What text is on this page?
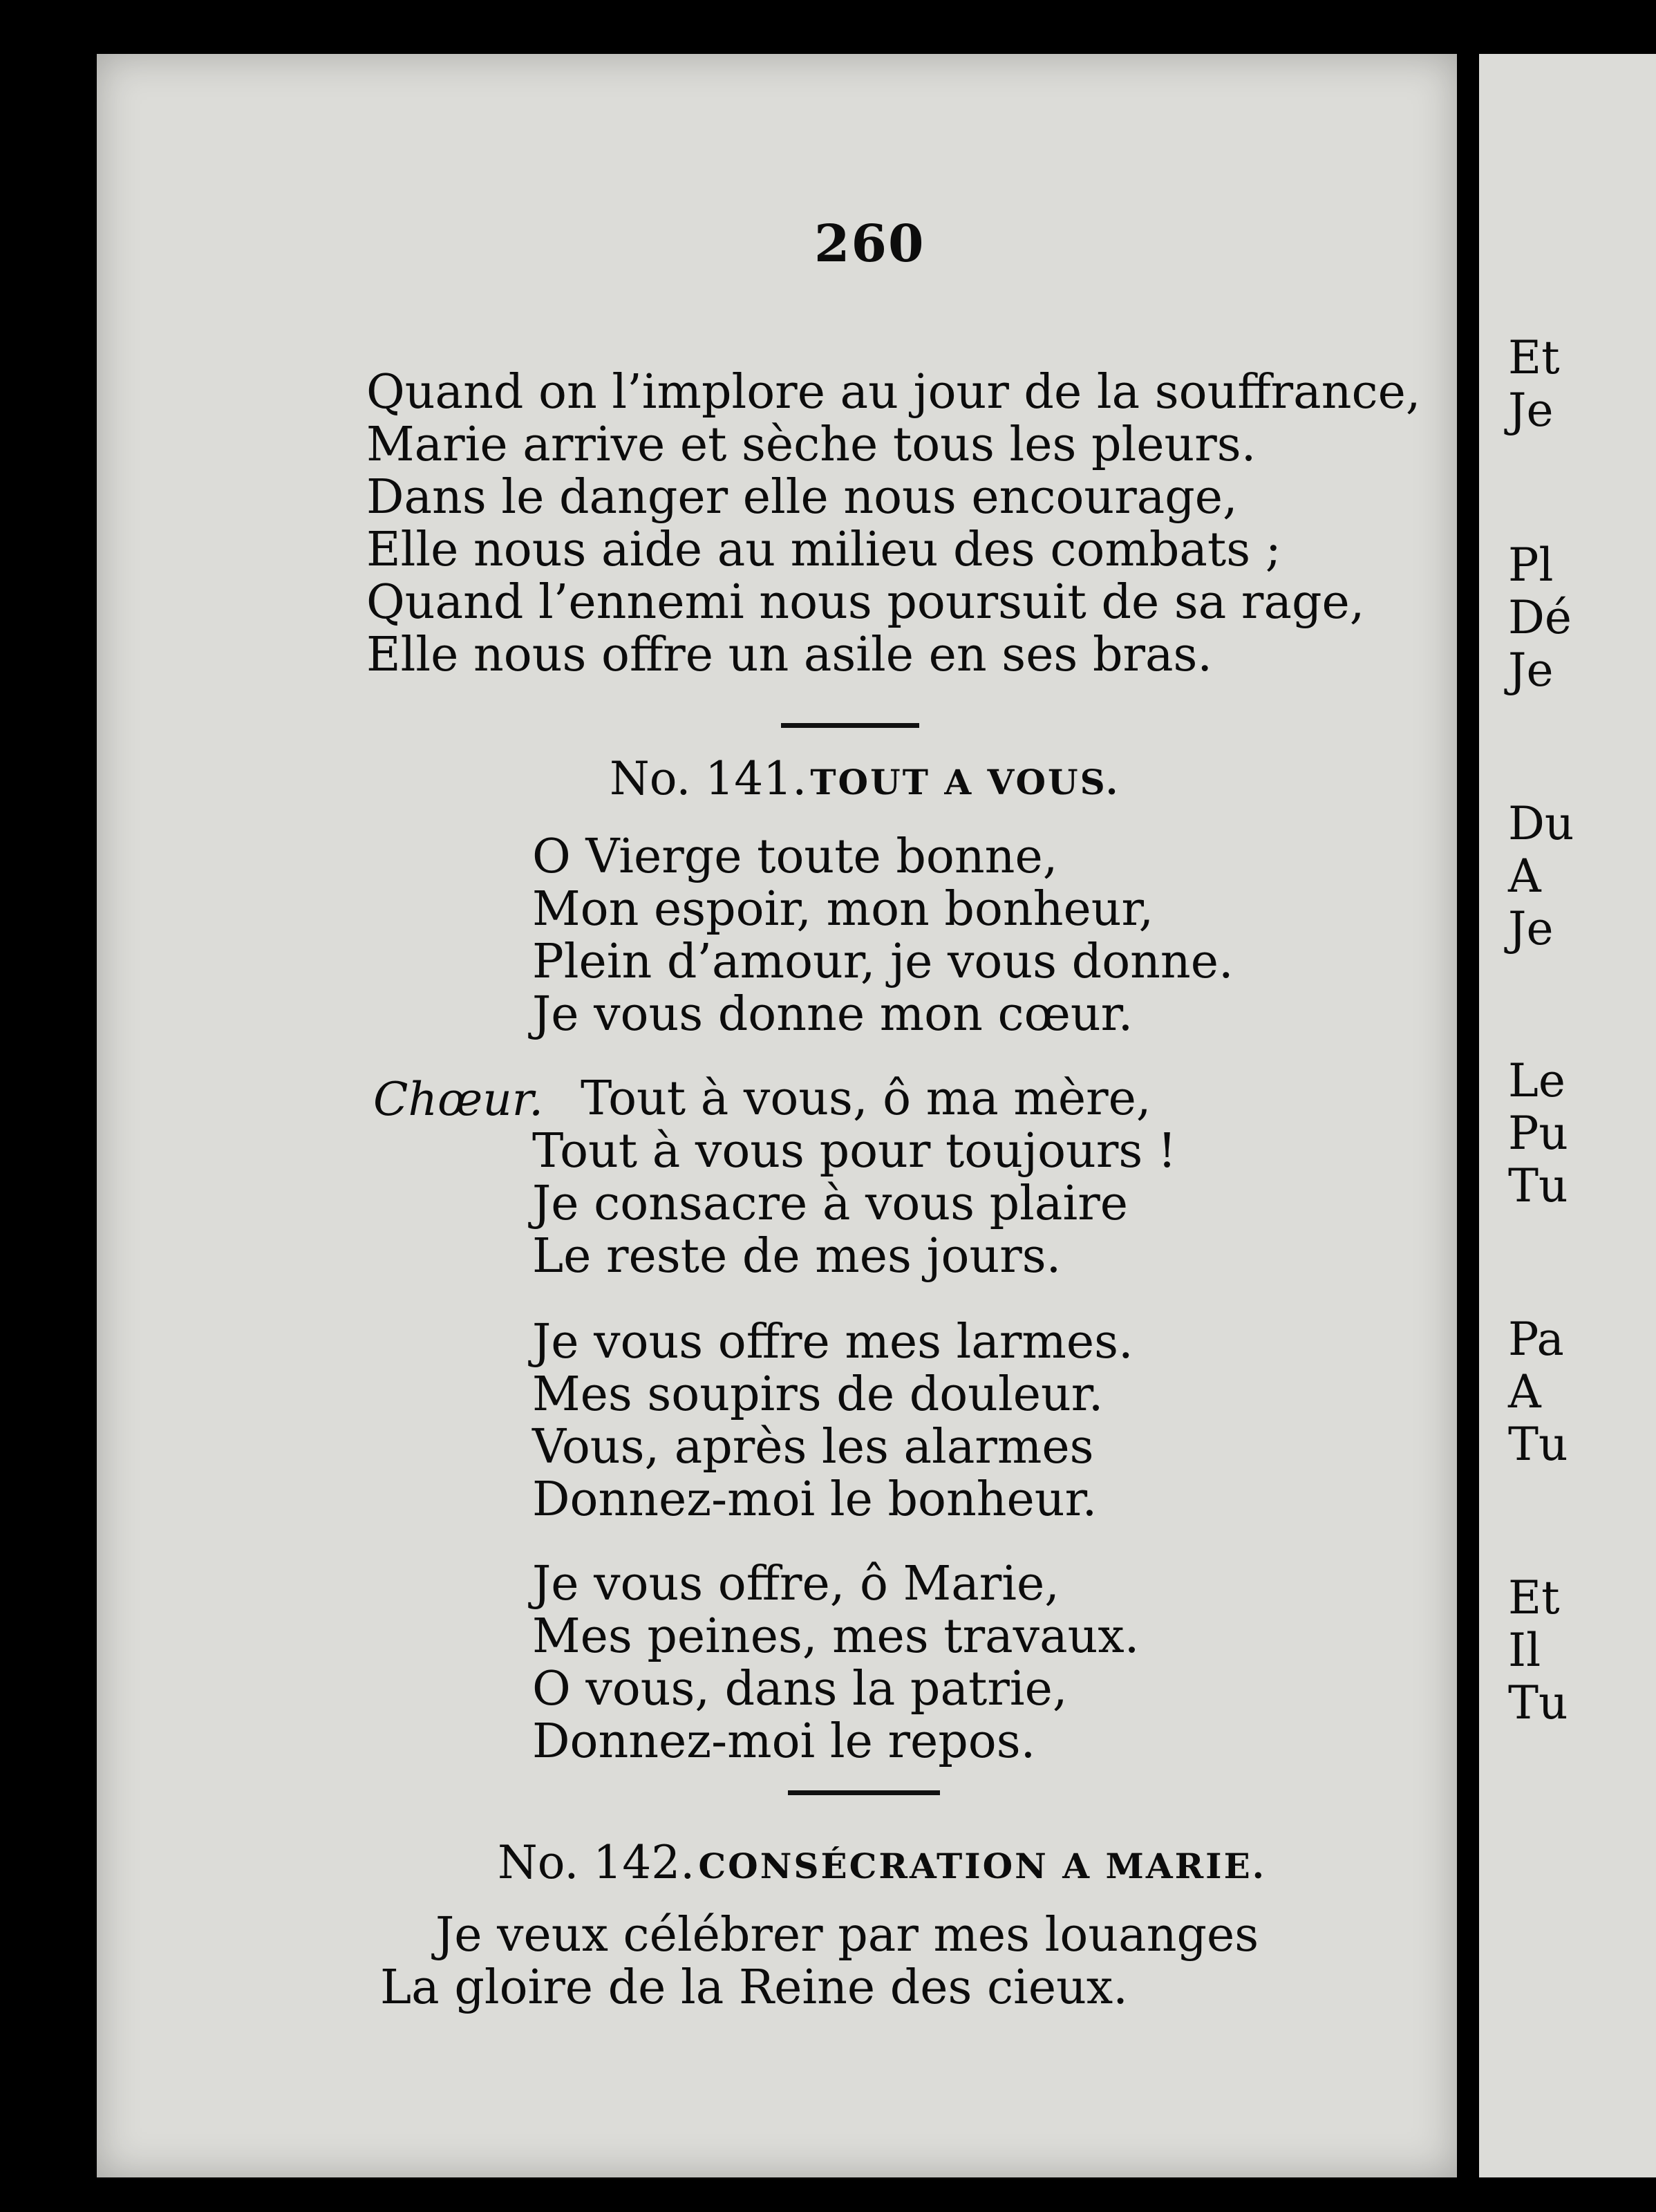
260
Quand on l’implore au jour de la souffrance,
Marie arrive et sèche tous les pleurs.
Dans le danger elle nous encourage,
Elle nous aide au milieu des combats ;
Quand l’ennemi nous poursuit de sa rage,
Elle nous offre un asile en ses bras.
No. 141. TOUT A VOUS.
O Vierge toute bonne,
Mon espoir, mon bonheur,
Plein d’amour, je vous donne.
Je vous donne mon cœur.
Chœur. Tout à vous, ô ma mère,
Tout à vous pour toujours !
Je consacre à vous plaire
Le reste de mes jours.
Je vous offre mes larmes.
Mes soupirs de douleur.
Vous, après les alarmes
Donnez-moi le bonheur.
Je vous offre, ô Marie,
Mes peines, mes travaux.
O vous, dans la patrie,
Donnez-moi le repos.
No. 142. CONSÉCRATION A MARIE.
Je veux célébrer par mes louanges
La gloire de la Reine des cieux.
Et
Je
Pl
Dé
Je
Du
A
Je
Le
Pu
Tu
Pa
A
Tu
Et
Il
Tu
